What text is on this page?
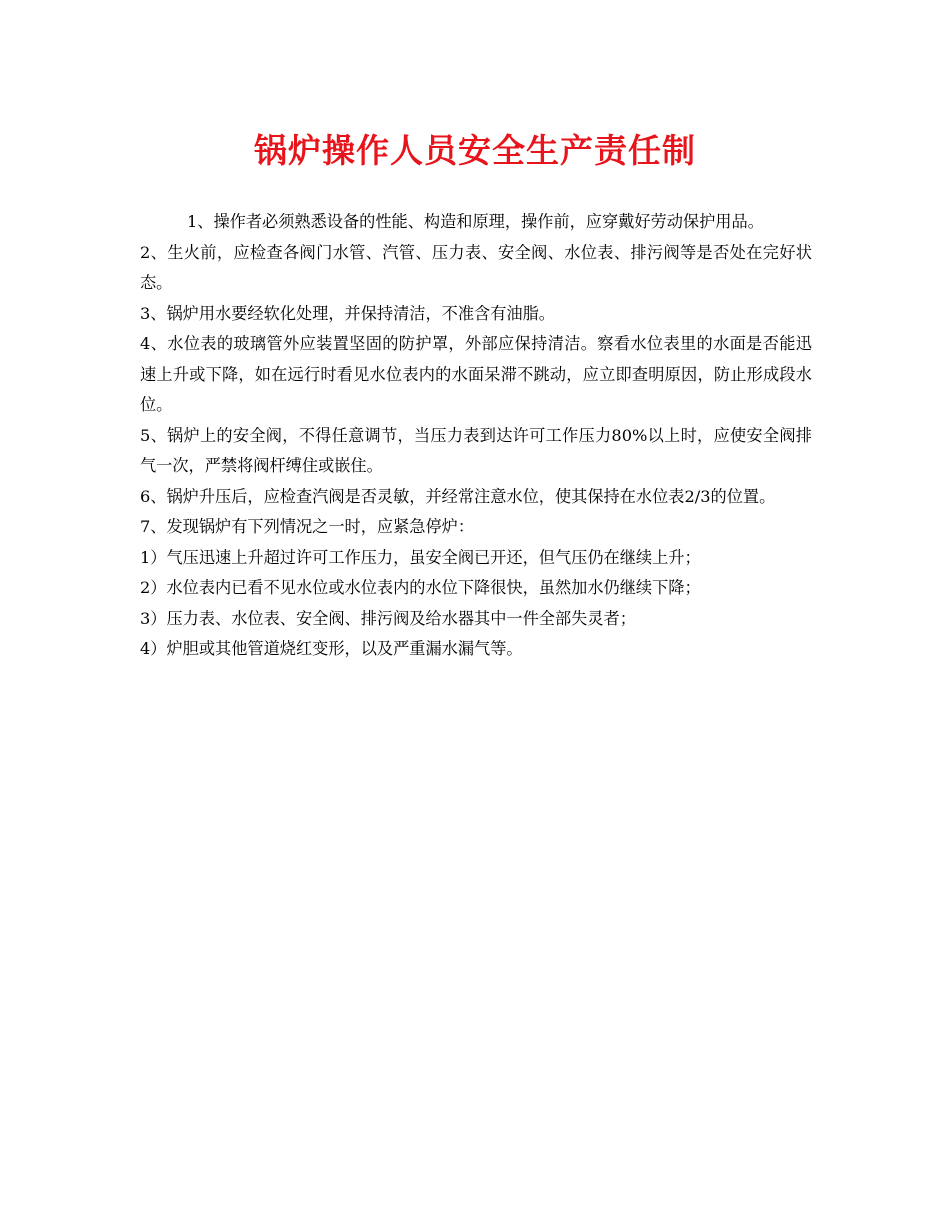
锅炉操作人员安全生产责任制

1、操作者必须熟悉设备的性能、构造和原理，操作前，应穿戴好劳动保护用品。

2、生火前，应检查各阀门水管、汽管、压力表、安全阀、水位表、排污阀等是否处在完好状态。

3、锅炉用水要经软化处理，并保持清洁，不准含有油脂。

4、水位表的玻璃管外应装置坚固的防护罩，外部应保持清洁。察看水位表里的水面是否能迅速上升或下降，如在远行时看见水位表内的水面呆滞不跳动，应立即查明原因，防止形成段水位。

5、锅炉上的安全阀，不得任意调节，当压力表到达许可工作压力80%以上时，应使安全阀排气一次，严禁将阀杆缚住或嵌住。

6、锅炉升压后，应检查汽阀是否灵敏，并经常注意水位，使其保持在水位表2/3的位置。

7、发现锅炉有下列情况之一时，应紧急停炉：

1）气压迅速上升超过许可工作压力，虽安全阀已开还，但气压仍在继续上升；

2）水位表内已看不见水位或水位表内的水位下降很快，虽然加水仍继续下降；

3）压力表、水位表、安全阀、排污阀及给水器其中一件全部失灵者；

4）炉胆或其他管道烧红变形，以及严重漏水漏气等。
